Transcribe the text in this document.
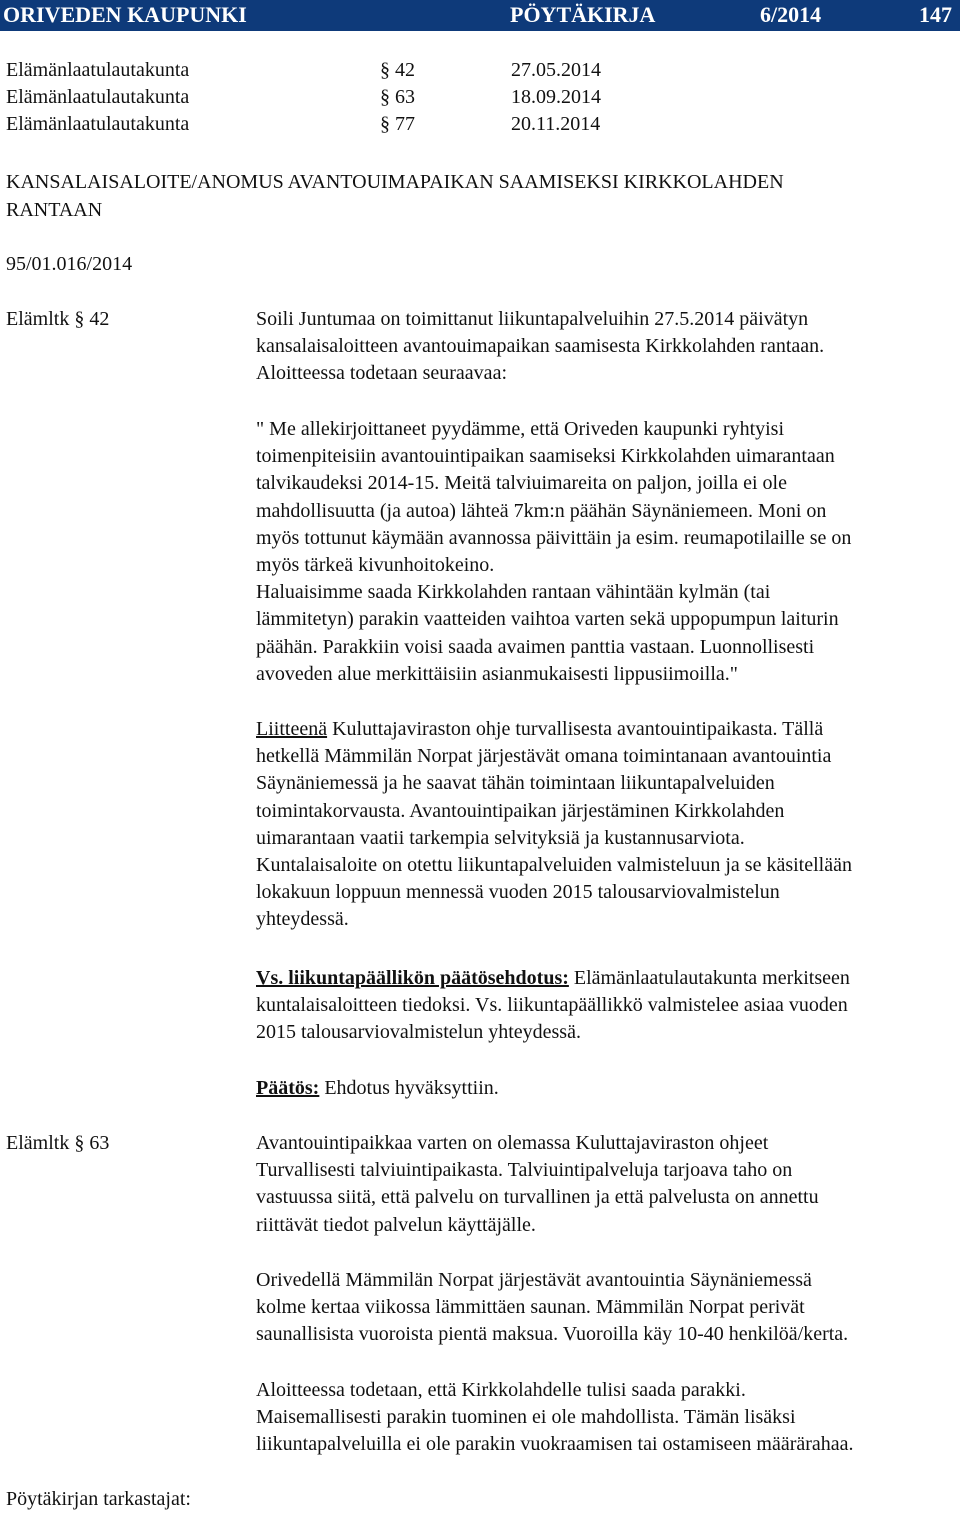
ORIVEDEN KAUPUNKI	PÖYTÄKIRJA	6/2014	147
Elämänlaatulautakunta	§ 42	27.05.2014
Elämänlaatulautakunta	§ 63	18.09.2014
Elämänlaatulautakunta	§ 77	20.11.2014
KANSALAISALOITE/ANOMUS AVANTOUIMAPAIKAN SAAMISEKSI KIRKKOLAHDEN
RANTAAN
95/01.016/2014
Elämltk § 42	Soili Juntumaa on toimittanut liikuntapalveluihin 27.5.2014 päivätyn
kansalaisaloitteen avantouimapaikan saamisesta Kirkkolahden rantaan.
Aloitteessa todetaan seuraavaa:
" Me allekirjoittaneet pyydämme, että Oriveden kaupunki ryhtyisi
toimenpiteisiin avantouintipaikan saamiseksi Kirkkolahden uimarantaan
talvikaudeksi 2014-15. Meitä talviuimareita on paljon, joilla ei ole
mahdollisuutta (ja autoa) lähteä 7km:n päähän Säynäniemeen. Moni on
myös tottunut käymään avannossa päivittäin ja esim. reumapotilaille se on
myös tärkeä kivunhoitokeino.
Haluaisimme saada Kirkkolahden rantaan vähintään kylmän (tai
lämmitetyn) parakin vaatteiden vaihtoa varten sekä uppopumpun laiturin
päähän. Parakkiin voisi saada avaimen panttia vastaan. Luonnollisesti
avoveden alue merkittäisiin asianmukaisesti lippusiimoilla."
Liitteenä Kuluttajaviraston ohje turvallisesta avantouintipaikasta. Tällä
hetkellä Mämmilän Norpat järjestävät omana toimintanaan avantouintia
Säynäniemessä ja he saavat tähän toimintaan liikuntapalveluiden
toimintakorvausta. Avantouintipaikan järjestäminen Kirkkolahden
uimarantaan vaatii tarkempia selvityksiä ja kustannusarviota.
Kuntalaisaloite on otettu liikuntapalveluiden valmisteluun ja se käsitellään
lokakuun loppuun mennessä vuoden 2015 talousarviovalmistelun
yhteydessä.
Vs. liikuntapäällikön päätösehdotus: Elämänlaatulautakunta merkitseen
kuntalaisaloitteen tiedoksi. Vs. liikuntapäällikkö valmistelee asiaa vuoden
2015 talousarviovalmistelun yhteydessä.
Päätös: Ehdotus hyväksyttiin.
Elämltk § 63	Avantouintipaikkaa varten on olemassa Kuluttajaviraston ohjeet
Turvallisesti talviuintipaikasta. Talviuintipalveluja tarjoava taho on
vastuussa siitä, että palvelu on turvallinen ja että palvelusta on annettu
riittävät tiedot palvelun käyttäjälle.
Orivedellä Mämmilän Norpat järjestävät avantouintia Säynäniemessä
kolme kertaa viikossa lämmittäen saunan. Mämmilän Norpat perivät
saunallisista vuoroista pientä maksua. Vuoroilla käy 10-40 henkilöä/kerta.
Aloitteessa todetaan, että Kirkkolahdelle tulisi saada parakki.
Maisemallisesti parakin tuominen ei ole mahdollista. Tämän lisäksi
liikuntapalveluilla ei ole parakin vuokraamisen tai ostamiseen määrärahaa.
Pöytäkirjan tarkastajat:
